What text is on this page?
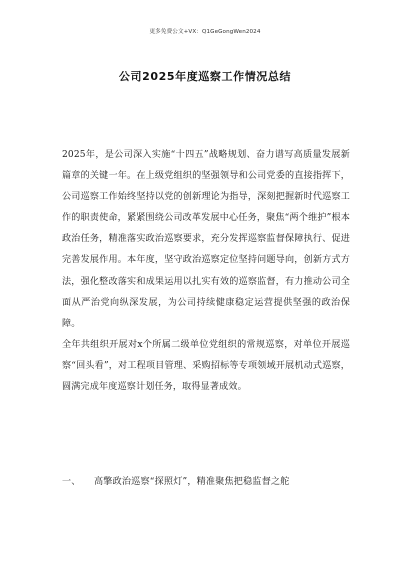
更多免费公文+VX：Q1GeGongWen2024
公司2025年度巡察工作情况总结

2025年，是公司深入实施“十四五”战略规划、奋力谱写高质量发展新篇章的关键一年。在上级党组织的坚强领导和公司党委的直接指挥下，公司巡察工作始终坚持以党的创新理论为指导，深刻把握新时代巡察工作的职责使命，紧紧围绕公司改革发展中心任务，聚焦“两个维护”根本政治任务，精准落实政治巡察要求，充分发挥巡察监督保障执行、促进完善发展作用。本年度，坚守政治巡察定位坚持问题导向，创新方式方法，强化整改落实和成果运用以扎实有效的巡察监督，有力推动公司全面从严治党向纵深发展，为公司持续健康稳定运营提供坚强的政治保障。

全年共组织开展对x个所属二级单位党组织的常规巡察，对单位开展巡察“回头看”，对工程项目管理、采购招标等专项领域开展机动式巡察，圆满完成年度巡察计划任务，取得显著成效。

一、 高擎政治巡察“探照灯”，精准聚焦把稳监督之舵
